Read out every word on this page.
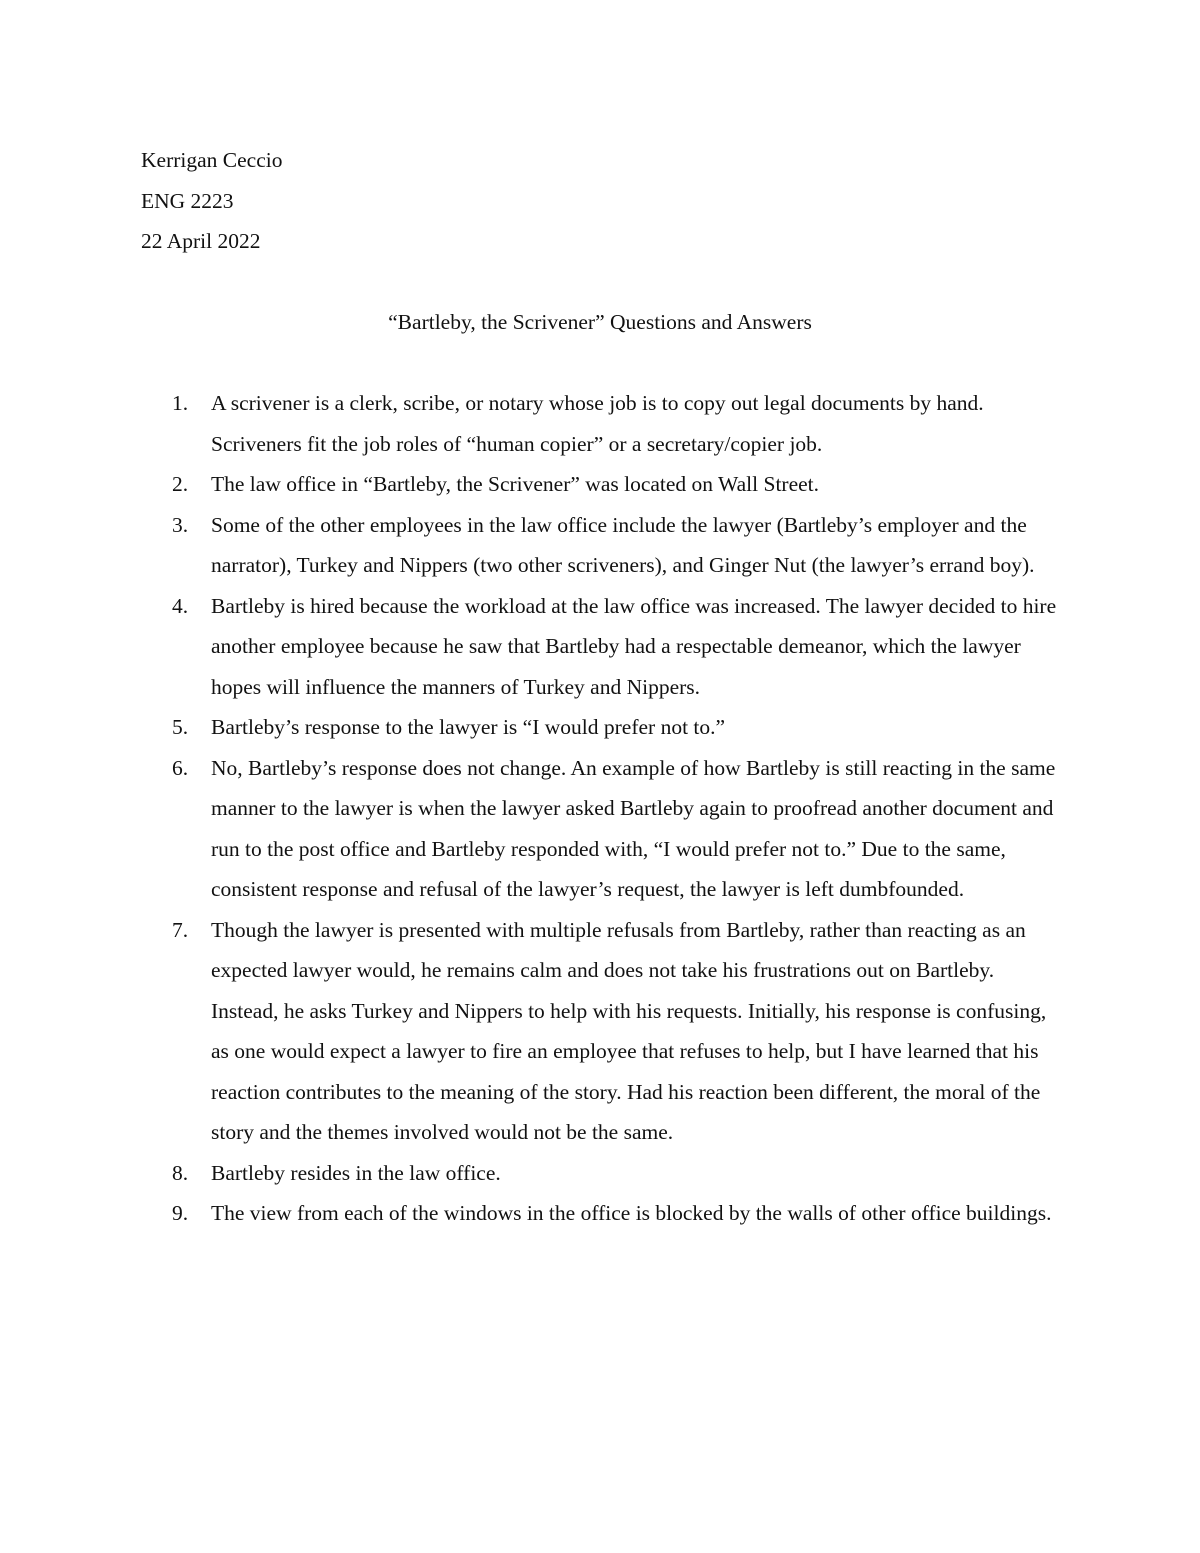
Kerrigan Ceccio
ENG 2223
22 April 2022
“Bartleby, the Scrivener” Questions and Answers
1. A scrivener is a clerk, scribe, or notary whose job is to copy out legal documents by hand. Scriveners fit the job roles of “human copier” or a secretary/copier job.
2. The law office in “Bartleby, the Scrivener” was located on Wall Street.
3. Some of the other employees in the law office include the lawyer (Bartleby’s employer and the narrator), Turkey and Nippers (two other scriveners), and Ginger Nut (the lawyer’s errand boy).
4. Bartleby is hired because the workload at the law office was increased. The lawyer decided to hire another employee because he saw that Bartleby had a respectable demeanor, which the lawyer hopes will influence the manners of Turkey and Nippers.
5. Bartleby’s response to the lawyer is “I would prefer not to.”
6. No, Bartleby’s response does not change. An example of how Bartleby is still reacting in the same manner to the lawyer is when the lawyer asked Bartleby again to proofread another document and run to the post office and Bartleby responded with, “I would prefer not to.” Due to the same, consistent response and refusal of the lawyer’s request, the lawyer is left dumbfounded.
7. Though the lawyer is presented with multiple refusals from Bartleby, rather than reacting as an expected lawyer would, he remains calm and does not take his frustrations out on Bartleby. Instead, he asks Turkey and Nippers to help with his requests. Initially, his response is confusing, as one would expect a lawyer to fire an employee that refuses to help, but I have learned that his reaction contributes to the meaning of the story. Had his reaction been different, the moral of the story and the themes involved would not be the same.
8. Bartleby resides in the law office.
9. The view from each of the windows in the office is blocked by the walls of other office buildings.
